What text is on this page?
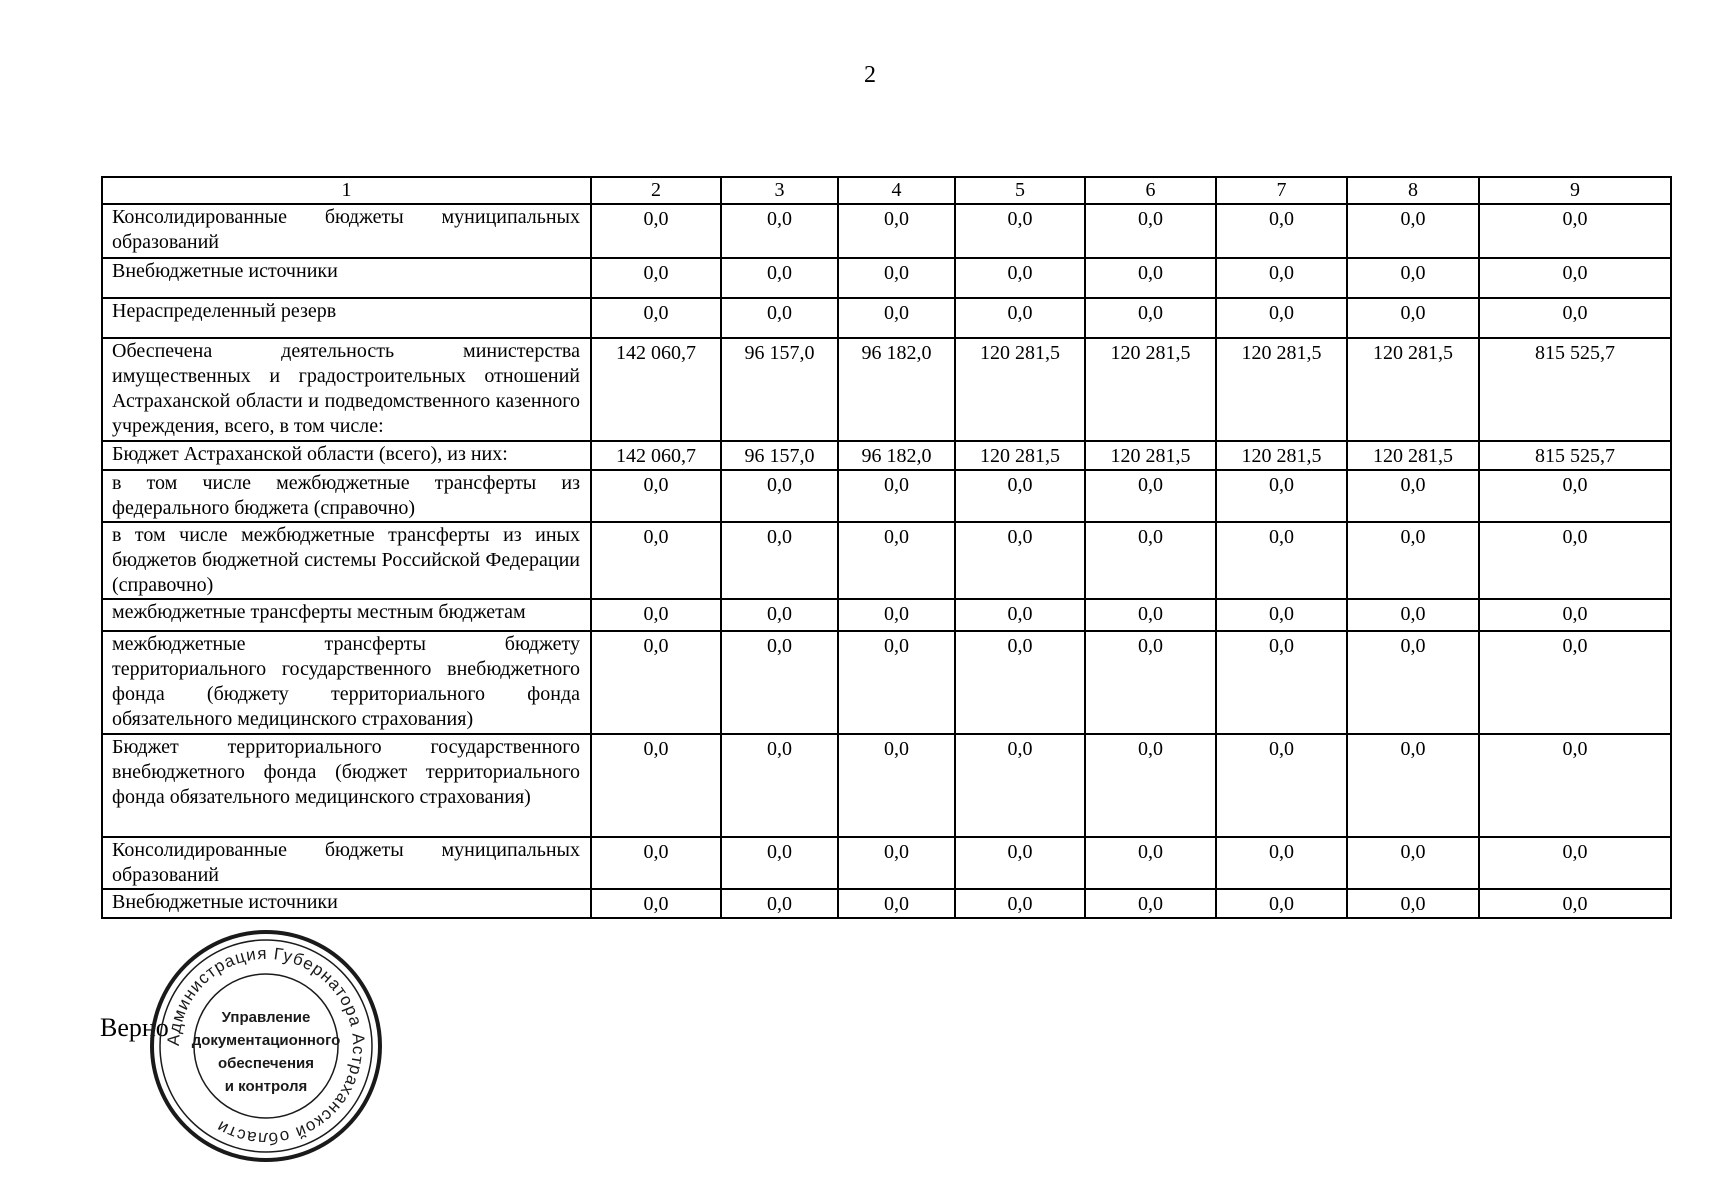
2
1	2	3	4	5	6	7	8	9
Консолидированные бюджеты муниципальных образований	0,0	0,0	0,0	0,0	0,0	0,0	0,0	0,0
Внебюджетные источники	0,0	0,0	0,0	0,0	0,0	0,0	0,0	0,0
Нераспределенный резерв	0,0	0,0	0,0	0,0	0,0	0,0	0,0	0,0
Обеспечена деятельность министерства имущественных и градостроительных отношений Астраханской области и подведомственного казенного учреждения, всего, в том числе:	142 060,7	96 157,0	96 182,0	120 281,5	120 281,5	120 281,5	120 281,5	815 525,7
Бюджет Астраханской области (всего), из них:	142 060,7	96 157,0	96 182,0	120 281,5	120 281,5	120 281,5	120 281,5	815 525,7
в том числе межбюджетные трансферты из федерального бюджета (справочно)	0,0	0,0	0,0	0,0	0,0	0,0	0,0	0,0
в том числе межбюджетные трансферты из иных бюджетов бюджетной системы Российской Федерации (справочно)	0,0	0,0	0,0	0,0	0,0	0,0	0,0	0,0
межбюджетные трансферты местным бюджетам	0,0	0,0	0,0	0,0	0,0	0,0	0,0	0,0
межбюджетные трансферты бюджету территориального государственного внебюджетного фонда (бюджету территориального фонда обязательного медицинского страхования)	0,0	0,0	0,0	0,0	0,0	0,0	0,0	0,0
Бюджет территориального государственного внебюджетного фонда (бюджет территориального фонда обязательного медицинского страхования)	0,0	0,0	0,0	0,0	0,0	0,0	0,0	0,0
Консолидированные бюджеты муниципальных образований	0,0	0,0	0,0	0,0	0,0	0,0	0,0	0,0
Внебюджетные источники	0,0	0,0	0,0	0,0	0,0	0,0	0,0	0,0
Верно
Администрация Губернатора Астраханской области
Управление
документационного
обеспечения
и контроля
